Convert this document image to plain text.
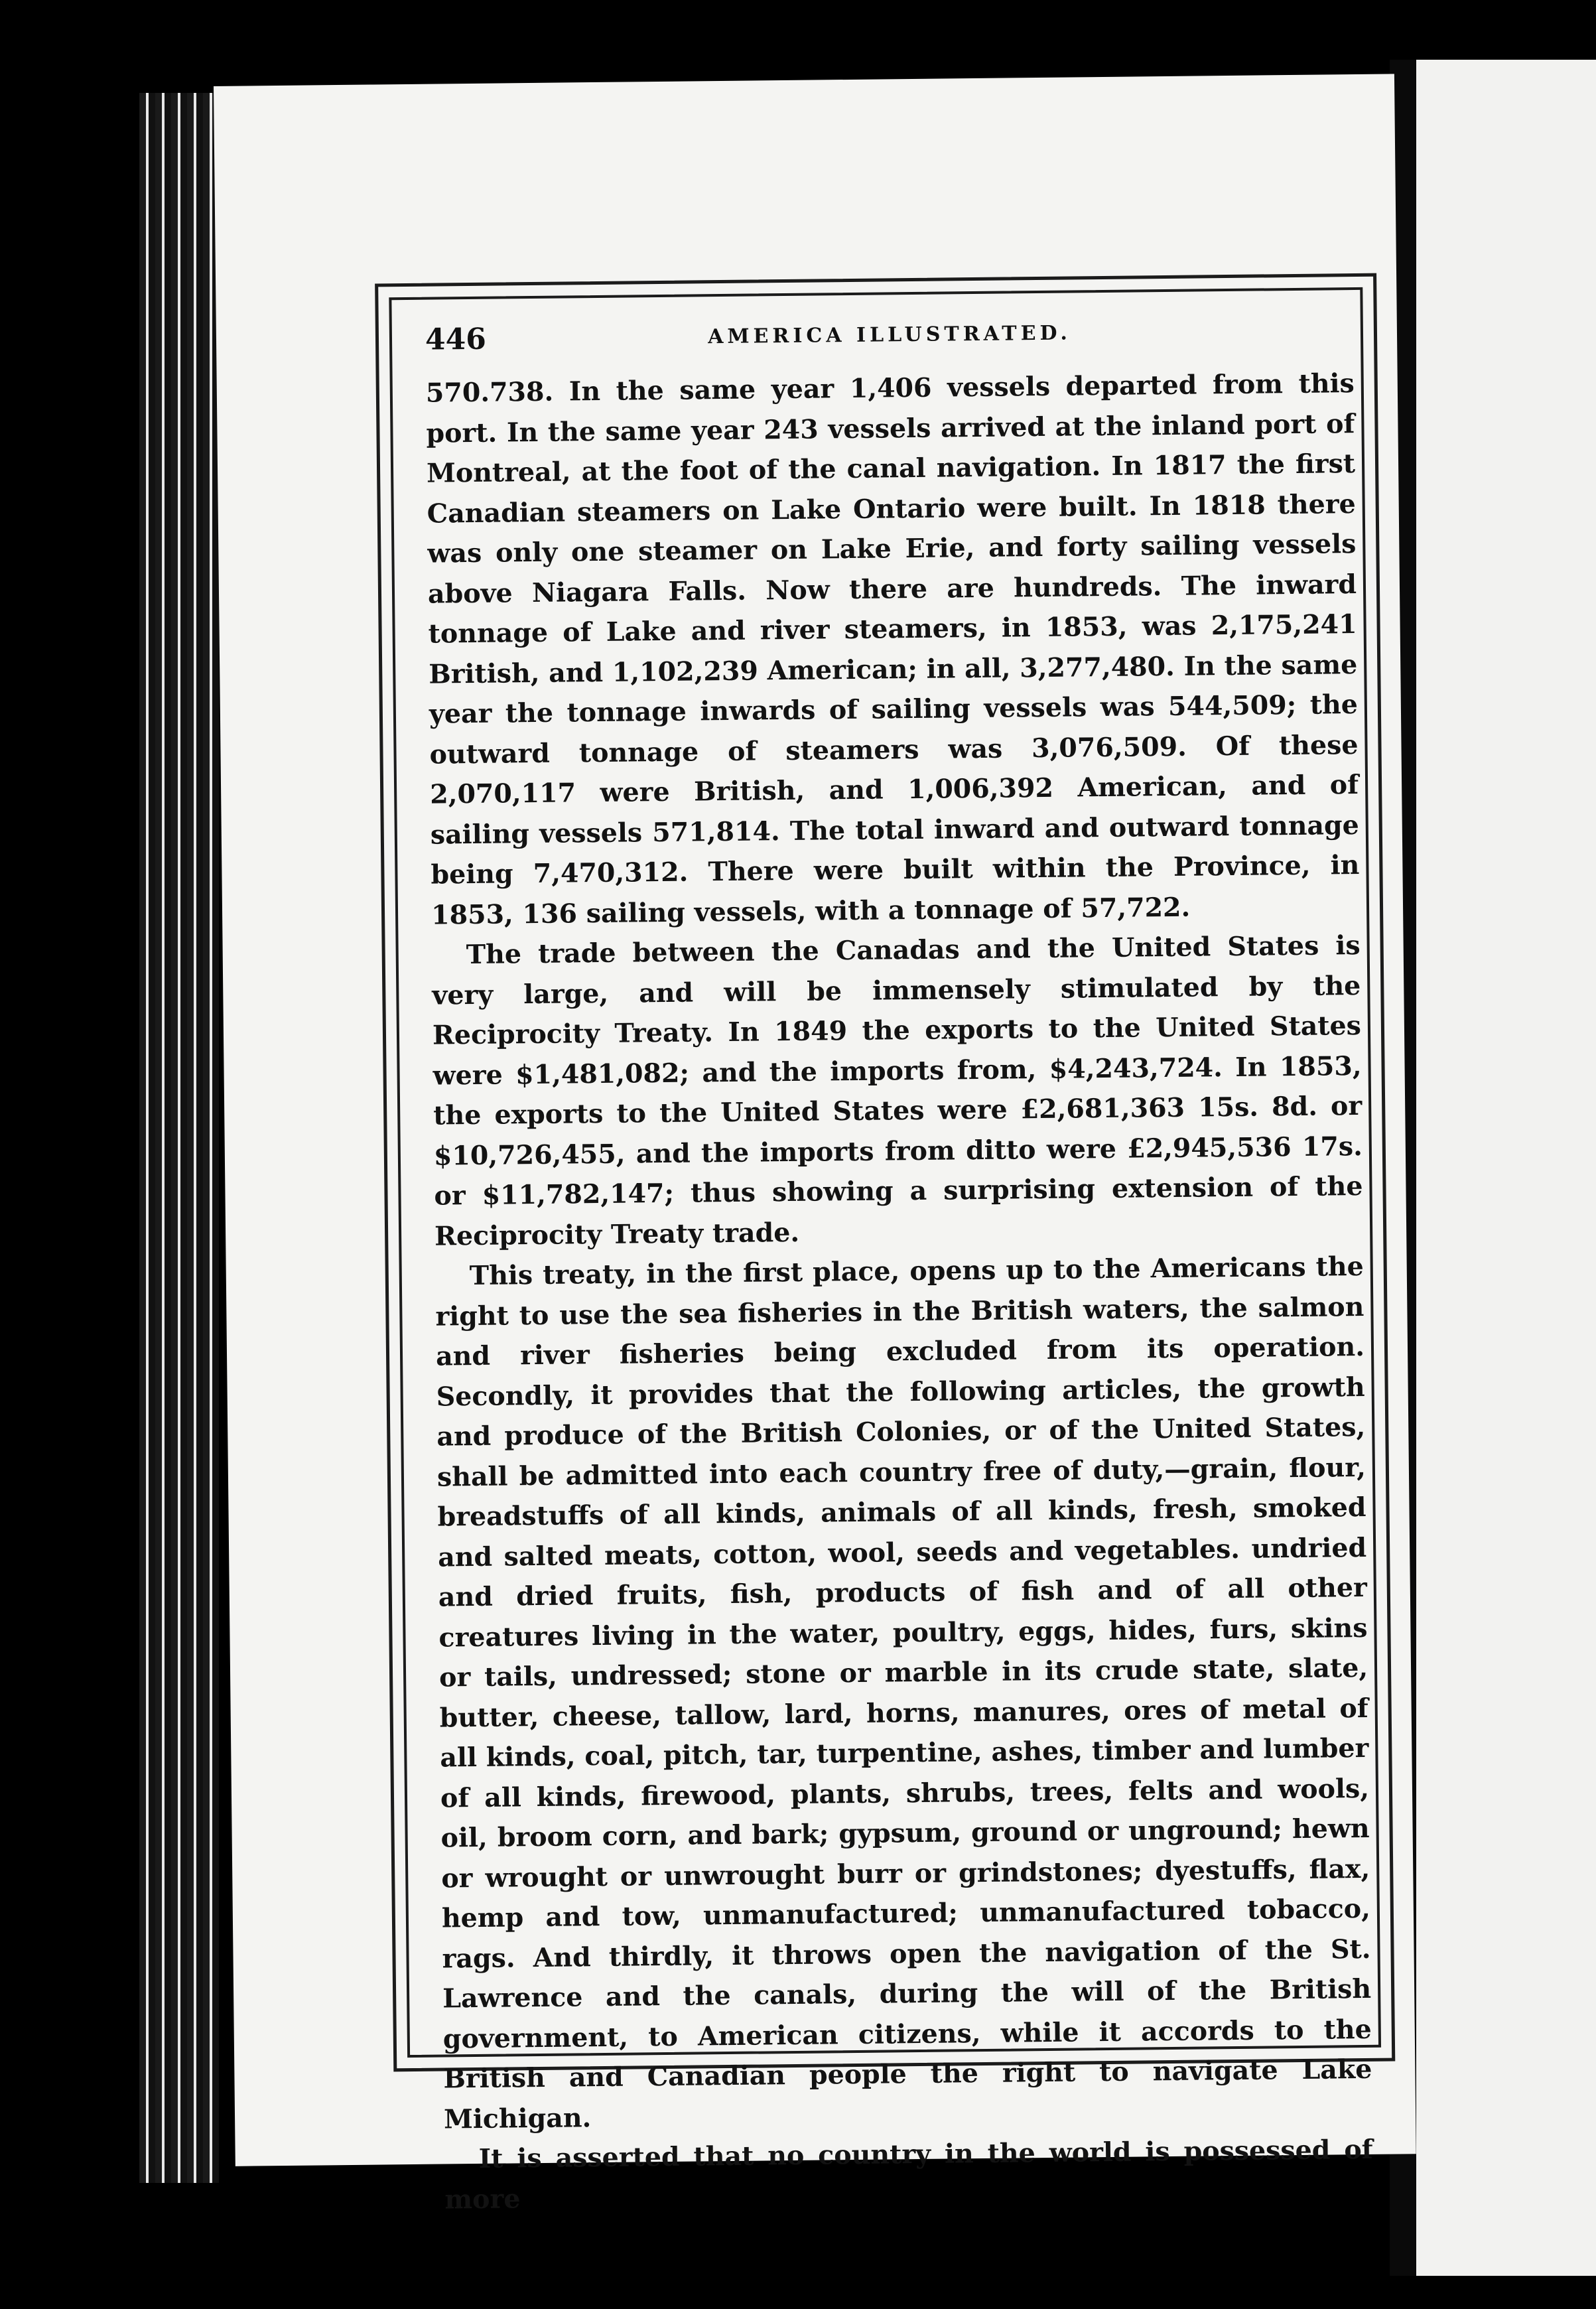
446	AMERICA ILLUSTRATED.

570.738. In the same year 1,406 vessels departed from this port. In the same year 243 vessels arrived at the inland port of Montreal, at the foot of the canal navigation. In 1817 the first Canadian steamers on Lake Ontario were built. In 1818 there was only one steamer on Lake Erie, and forty sailing vessels above Niagara Falls. Now there are hundreds. The inward tonnage of Lake and river steamers, in 1853, was 2,175,241 British, and 1,102,239 American; in all, 3,277,480. In the same year the tonnage inwards of sailing vessels was 544,509; the outward tonnage of steamers was 3,076,509. Of these 2,070,117 were British, and 1,006,392 American, and of sailing vessels 571,814. The total inward and outward tonnage being 7,470,312. There were built within the Province, in 1853, 136 sailing vessels, with a tonnage of 57,722.

The trade between the Canadas and the United States is very large, and will be immensely stimulated by the Reciprocity Treaty. In 1849 the exports to the United States were $1,481,082; and the imports from, $4,243,724. In 1853, the exports to the United States were £2,681,363 15s. 8d. or $10,726,455, and the imports from ditto were £2,945,536 17s. or $11,782,147; thus showing a surprising extension of the Reciprocity Treaty trade.

This treaty, in the first place, opens up to the Americans the right to use the sea fisheries in the British waters, the salmon and river fisheries being excluded from its operation. Secondly, it provides that the following articles, the growth and produce of the British Colonies, or of the United States, shall be admitted into each country free of duty,—grain, flour, breadstuffs of all kinds, animals of all kinds, fresh, smoked and salted meats, cotton, wool, seeds and vegetables. undried and dried fruits, fish, products of fish and of all other creatures living in the water, poultry, eggs, hides, furs, skins or tails, undressed; stone or marble in its crude state, slate, butter, cheese, tallow, lard, horns, manures, ores of metal of all kinds, coal, pitch, tar, turpentine, ashes, timber and lumber of all kinds, firewood, plants, shrubs, trees, felts and wools, oil, broom corn, and bark; gypsum, ground or unground; hewn or wrought or unwrought burr or grindstones; dyestuffs, flax, hemp and tow, unmanufactured; unmanufactured tobacco, rags. And thirdly, it throws open the navigation of the St. Lawrence and the canals, during the will of the British government, to American citizens, while it accords to the British and Canadian people the right to navigate Lake Michigan.

It is asserted that no country in the world is possessed of more
